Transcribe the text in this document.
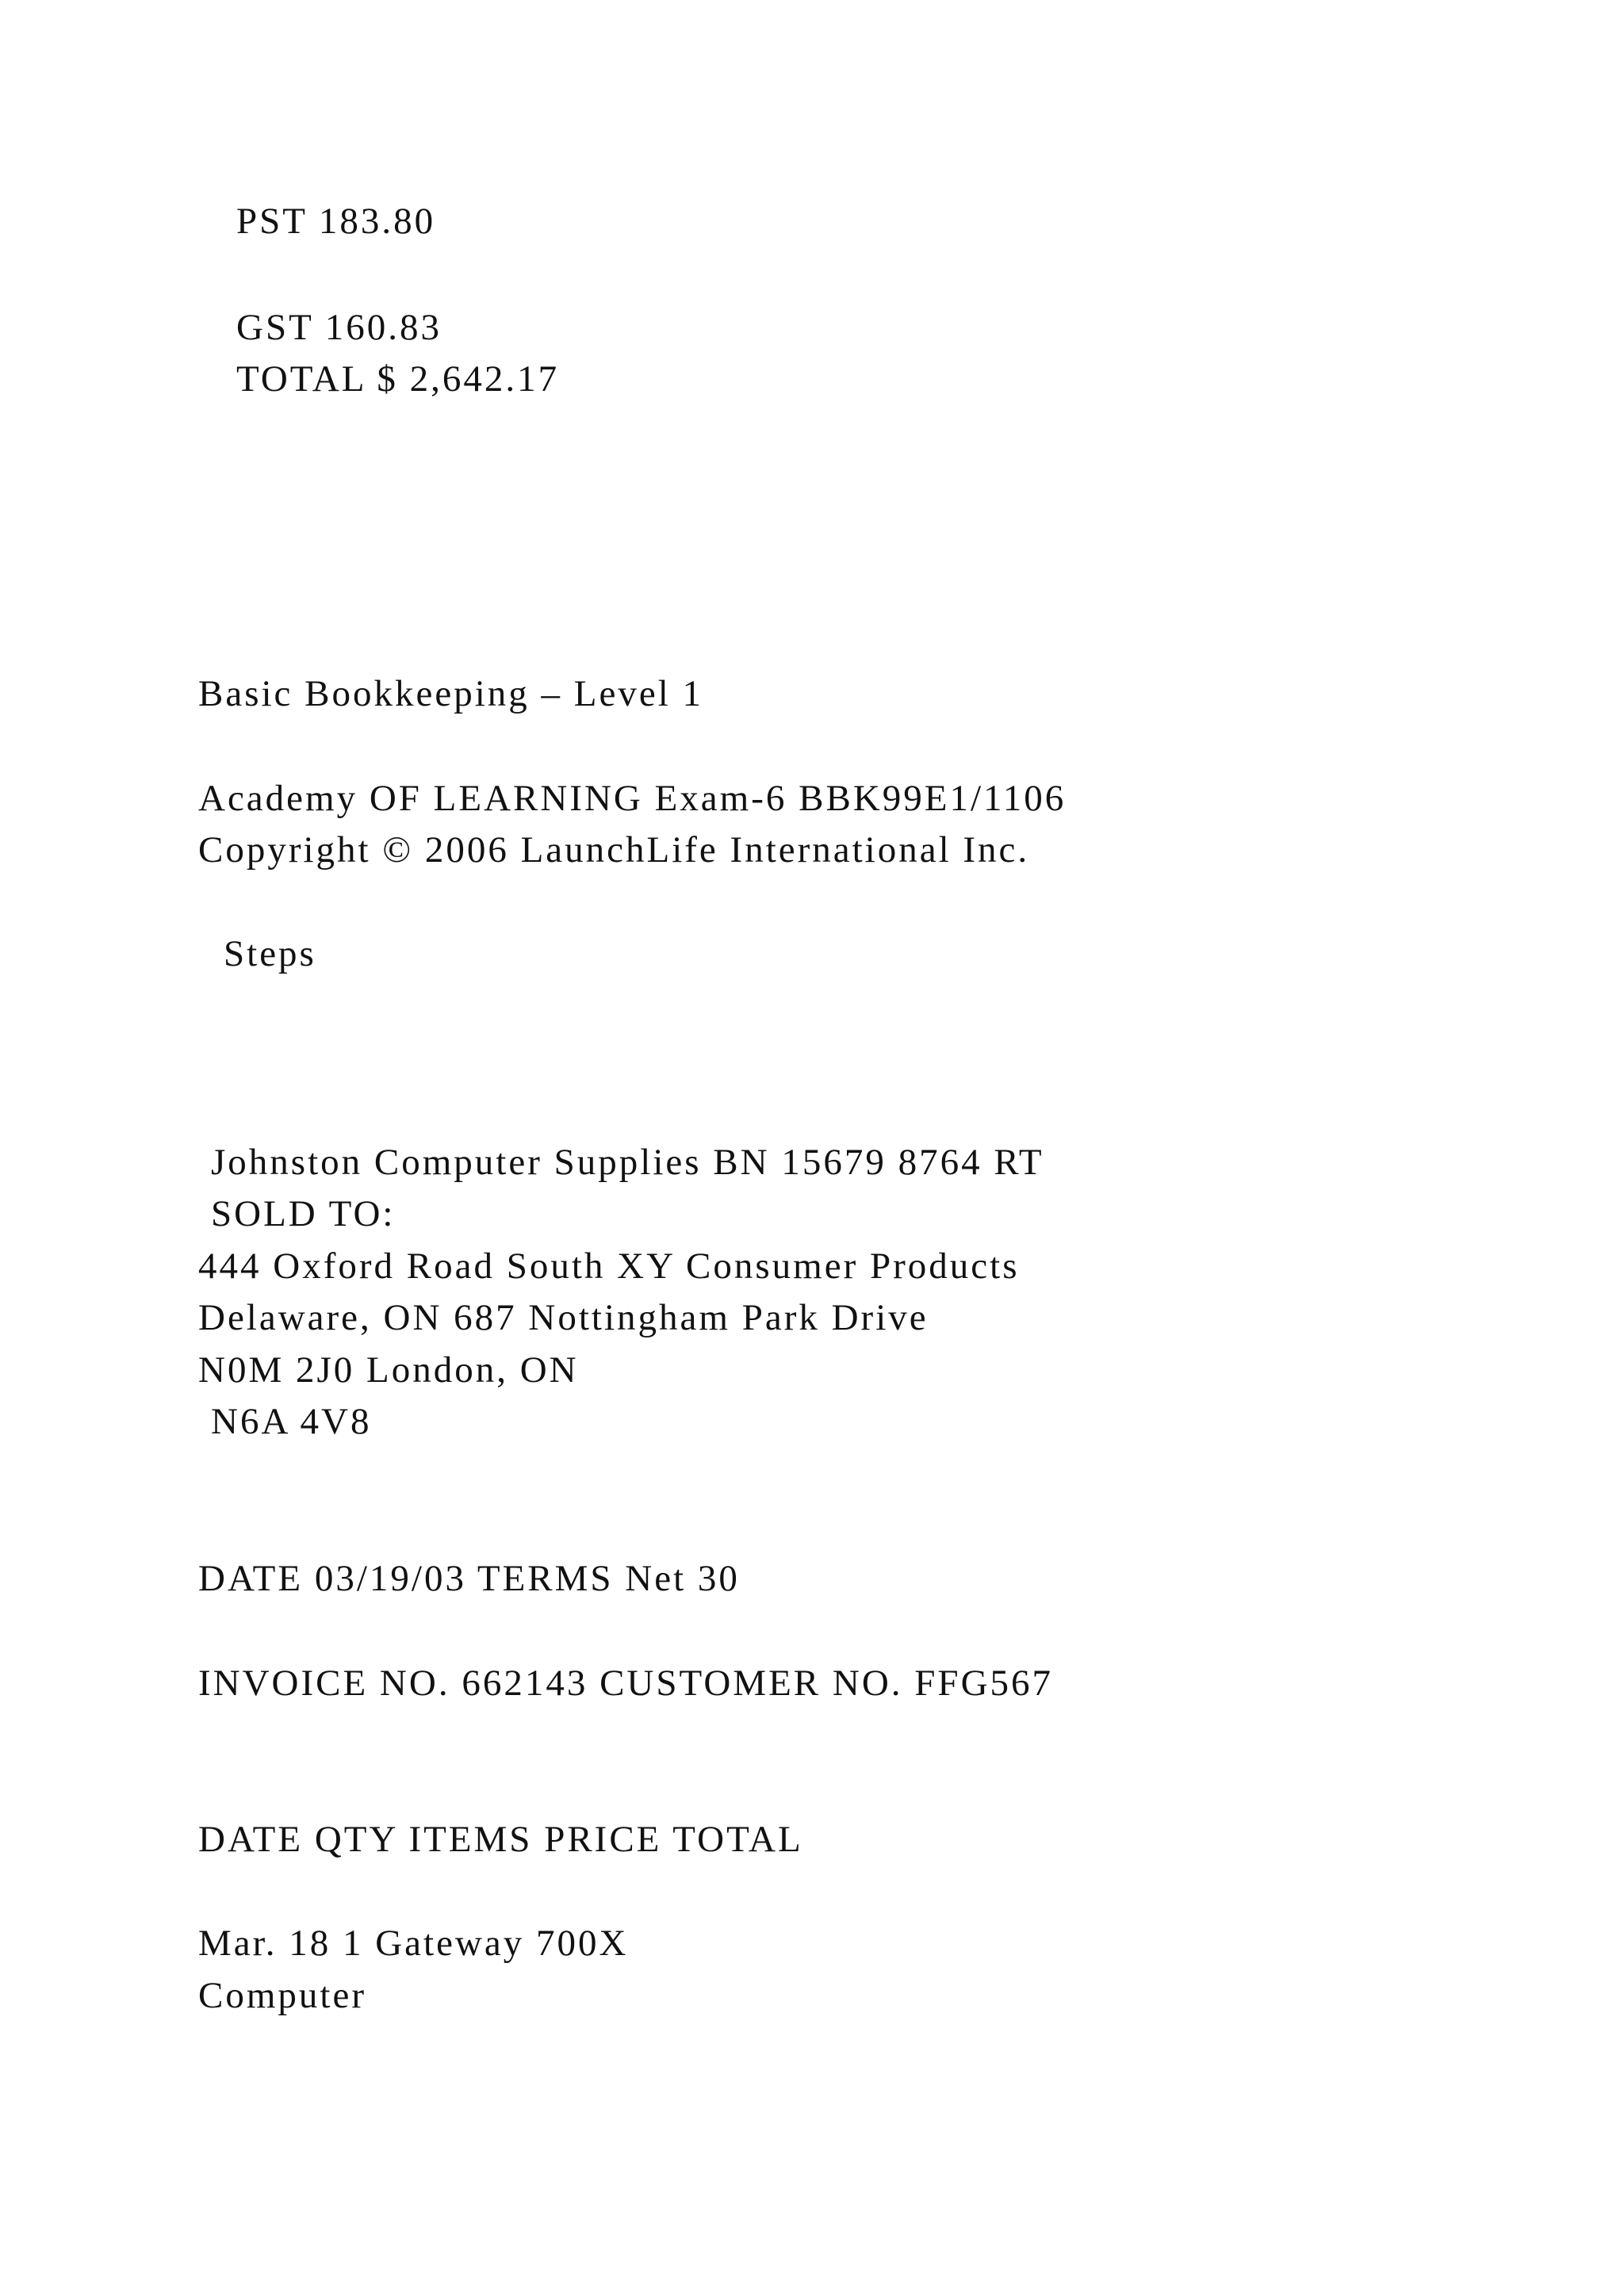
PST 183.80
GST 160.83
TOTAL $ 2,642.17
Basic Bookkeeping – Level 1
Academy OF LEARNING Exam-6 BBK99E1/1106
Copyright © 2006 LaunchLife International Inc.
Steps
Johnston Computer Supplies BN 15679 8764 RT
SOLD TO:
444 Oxford Road South XY Consumer Products
Delaware, ON 687 Nottingham Park Drive
N0M 2J0 London, ON
N6A 4V8
DATE 03/19/03 TERMS Net 30
INVOICE NO. 662143 CUSTOMER NO. FFG567
DATE QTY ITEMS PRICE TOTAL
Mar. 18 1 Gateway 700X
Computer
